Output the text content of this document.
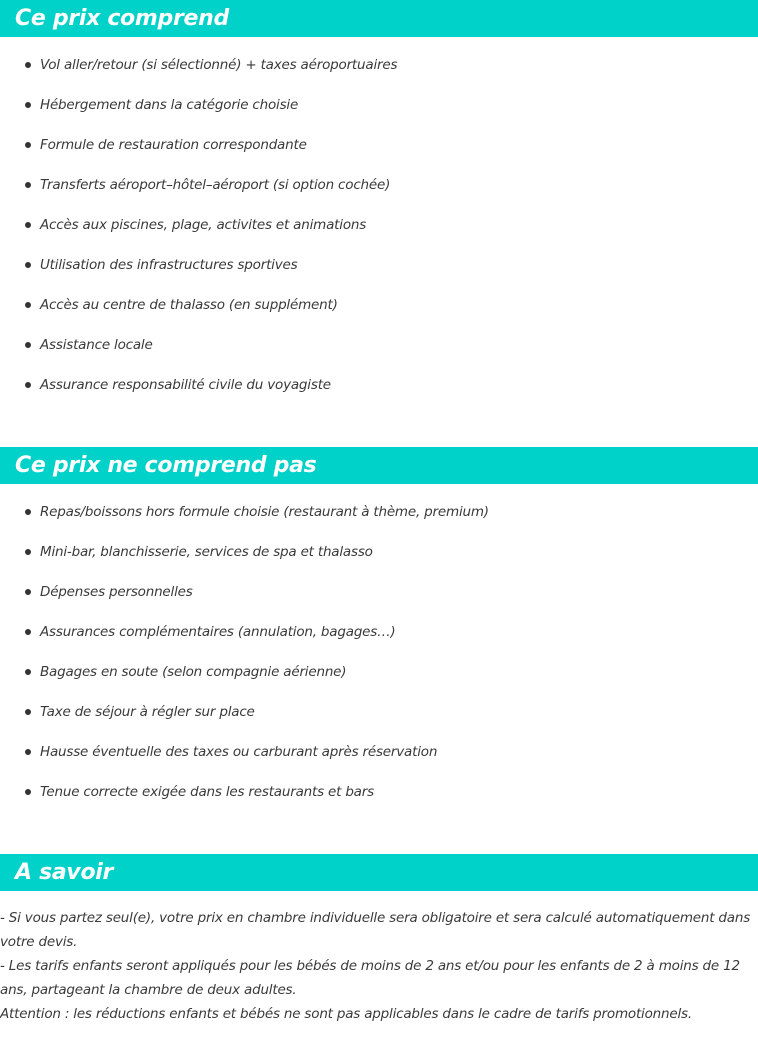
Ce prix comprend
Vol aller/retour (si sélectionné) + taxes aéroportuaires
Hébergement dans la catégorie choisie
Formule de restauration correspondante
Transferts aéroport–hôtel–aéroport (si option cochée)
Accès aux piscines, plage, activites et animations
Utilisation des infrastructures sportives
Accès au centre de thalasso (en supplément)
Assistance locale
Assurance responsabilité civile du voyagiste
Ce prix ne comprend pas
Repas/boissons hors formule choisie (restaurant à thème, premium)
Mini-bar, blanchisserie, services de spa et thalasso
Dépenses personnelles
Assurances complémentaires (annulation, bagages…)
Bagages en soute (selon compagnie aérienne)
Taxe de séjour à régler sur place
Hausse éventuelle des taxes ou carburant après réservation
Tenue correcte exigée dans les restaurants et bars
A savoir

- Si vous partez seul(e), votre prix en chambre individuelle sera obligatoire et sera calculé automatiquement dans votre devis.

- Les tarifs enfants seront appliqués pour les bébés de moins de 2 ans et/ou pour les enfants de 2 à moins de 12 ans, partageant la chambre de deux adultes.

Attention : les réductions enfants et bébés ne sont pas applicables dans le cadre de tarifs promotionnels.
